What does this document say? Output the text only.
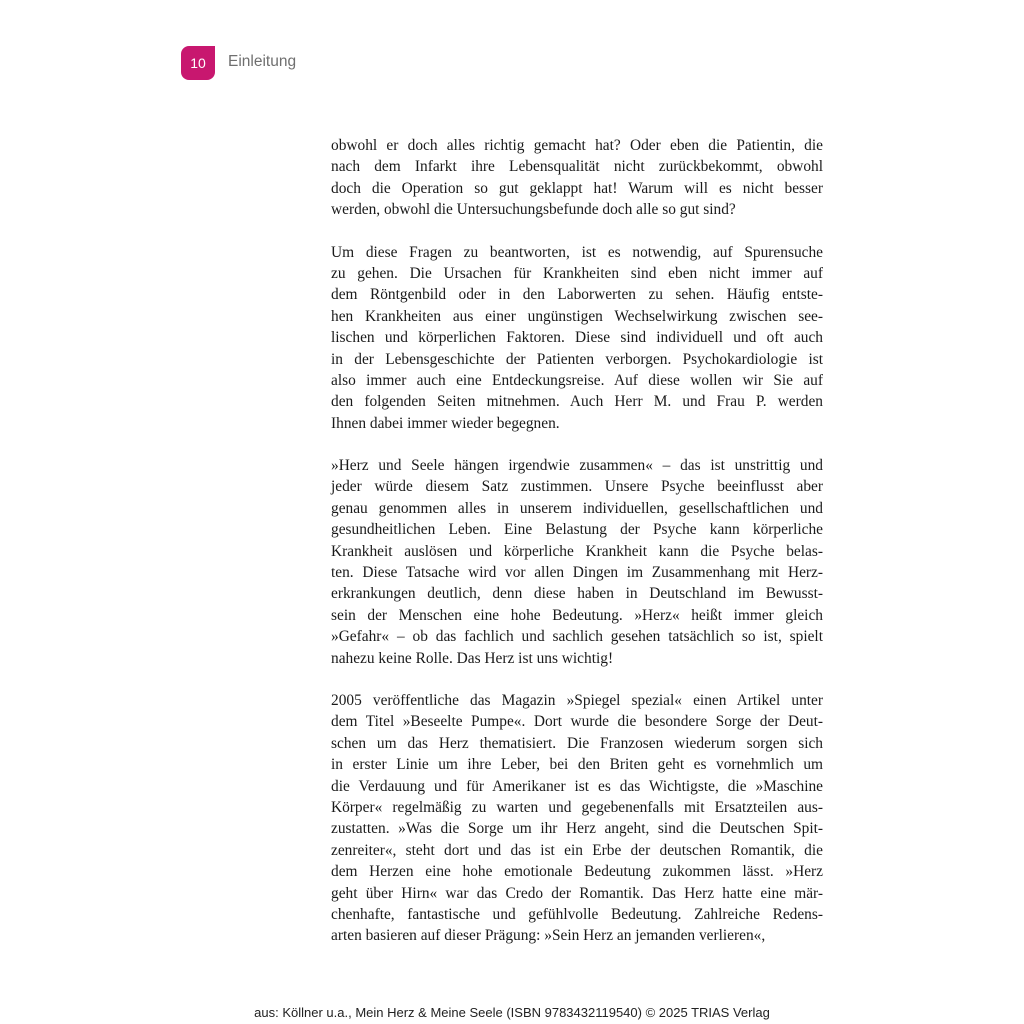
10 Einleitung
obwohl er doch alles richtig gemacht hat? Oder eben die Patientin, die
nach dem Infarkt ihre Lebensqualität nicht zurückbekommt, obwohl
doch die Operation so gut geklappt hat! Warum will es nicht besser
werden, obwohl die Untersuchungsbefunde doch alle so gut sind?
Um diese Fragen zu beantworten, ist es notwendig, auf Spurensuche
zu gehen. Die Ursachen für Krankheiten sind eben nicht immer auf
dem Röntgenbild oder in den Laborwerten zu sehen. Häufig entste-
hen Krankheiten aus einer ungünstigen Wechselwirkung zwischen see-
lischen und körperlichen Faktoren. Diese sind individuell und oft auch
in der Lebensgeschichte der Patienten verborgen. Psychokardiologie ist
also immer auch eine Entdeckungsreise. Auf diese wollen wir Sie auf
den folgenden Seiten mitnehmen. Auch Herr M. und Frau P. werden
Ihnen dabei immer wieder begegnen.
»Herz und Seele hängen irgendwie zusammen« – das ist unstrittig und
jeder würde diesem Satz zustimmen. Unsere Psyche beeinflusst aber
genau genommen alles in unserem individuellen, gesellschaftlichen und
gesundheitlichen Leben. Eine Belastung der Psyche kann körperliche
Krankheit auslösen und körperliche Krankheit kann die Psyche belas-
ten. Diese Tatsache wird vor allen Dingen im Zusammenhang mit Herz-
erkrankungen deutlich, denn diese haben in Deutschland im Bewusst-
sein der Menschen eine hohe Bedeutung. »Herz« heißt immer gleich
»Gefahr« – ob das fachlich und sachlich gesehen tatsächlich so ist, spielt
nahezu keine Rolle. Das Herz ist uns wichtig!
2005 veröffentliche das Magazin »Spiegel spezial« einen Artikel unter
dem Titel »Beseelte Pumpe«. Dort wurde die besondere Sorge der Deut-
schen um das Herz thematisiert. Die Franzosen wiederum sorgen sich
in erster Linie um ihre Leber, bei den Briten geht es vornehmlich um
die Verdauung und für Amerikaner ist es das Wichtigste, die »Maschine
Körper« regelmäßig zu warten und gegebenenfalls mit Ersatzteilen aus-
zustatten. »Was die Sorge um ihr Herz angeht, sind die Deutschen Spit-
zenreiter«, steht dort und das ist ein Erbe der deutschen Romantik, die
dem Herzen eine hohe emotionale Bedeutung zukommen lässt. »Herz
geht über Hirn« war das Credo der Romantik. Das Herz hatte eine mär-
chenhafte, fantastische und gefühlvolle Bedeutung. Zahlreiche Redens-
arten basieren auf dieser Prägung: »Sein Herz an jemanden verlieren«,
aus: Köllner u.a., Mein Herz & Meine Seele (ISBN 9783432119540) © 2025 TRIAS Verlag
